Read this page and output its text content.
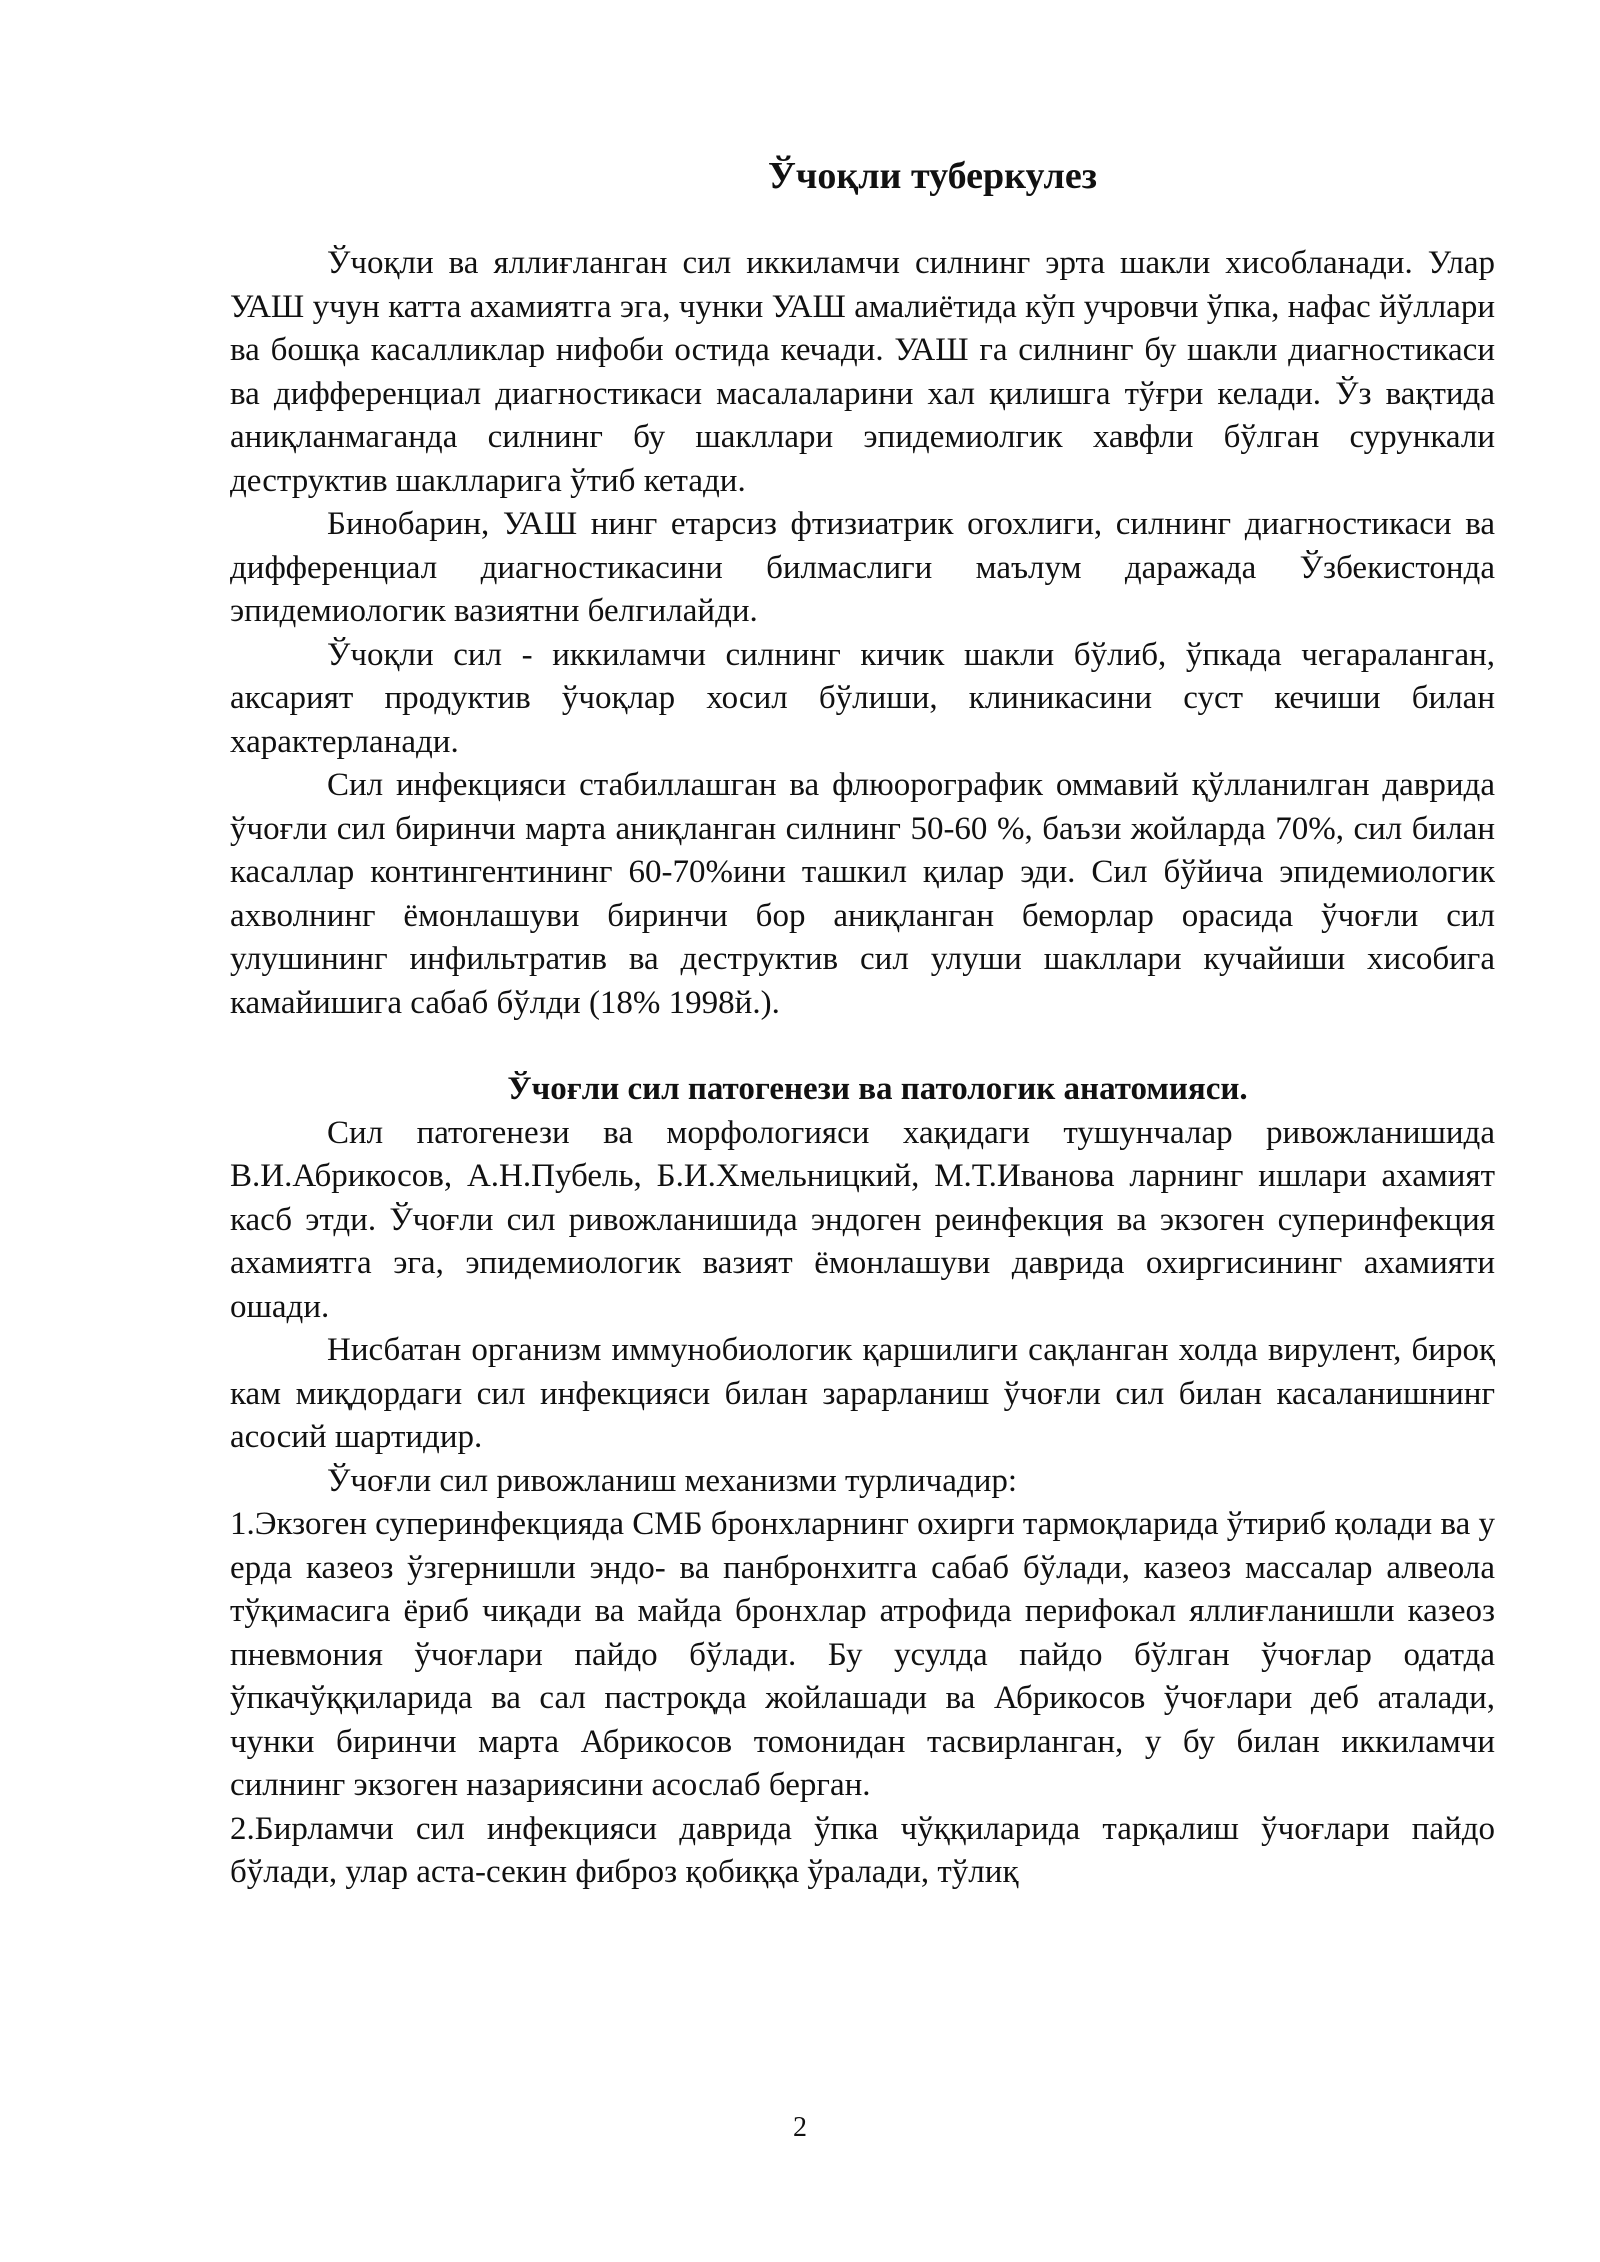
Ўчоқли туберкулез

Ўчоқли ва яллиғланган сил иккиламчи силнинг эрта шакли хисобланади. Улар УАШ учун катта ахамиятга эга, чунки УАШ амалиётида кўп учровчи ўпка, нафас йўллари ва бошқа касалликлар нифоби остида кечади. УАШ га силнинг бу шакли диагностикаси ва дифференциал диагностикаси масалаларини хал қилишга тўғри келади. Ўз вақтида аниқланмаганда силнинг бу шакллари эпидемиолгик хавфли бўлган сурункали деструктив шаклларига ўтиб кетади.

Бинобарин, УАШ нинг етарсиз фтизиатрик огохлиги, силнинг диагностикаси ва дифференциал диагностикасини билмаслиги маълум даражада Ўзбекистонда эпидемиологик вазиятни белгилайди.

Ўчоқли сил - иккиламчи силнинг кичик шакли бўлиб, ўпкада чегараланган, аксарият продуктив ўчоқлар хосил бўлиши, клиникасини суст кечиши билан характерланади.

Сил инфекцияси стабиллашган ва флюорографик оммавий қўлланилган даврида ўчоғли сил биринчи марта аниқланган силнинг 50-60 %, баъзи жойларда 70%, сил билан касаллар контингентининг 60-70%ини ташкил қилар эди. Сил бўйича эпидемиологик ахволнинг ёмонлашуви биринчи бор аниқланган беморлар орасида ўчоғли сил улушининг инфильтратив ва деструктив сил улуши шакллари кучайиши хисобига камайишига сабаб бўлди (18% 1998й.).

Ўчоғли сил патогенези ва патологик анатомияси.

Сил патогенези ва морфологияси хақидаги тушунчалар ривожланишида В.И.Абрикосов, А.Н.Пубель, Б.И.Хмельницкий, М.Т.Иванова ларнинг ишлари ахамият касб этди. Ўчоғли сил ривожланишида эндоген реинфекция ва экзоген суперинфекция ахамиятга эга, эпидемиологик вазият ёмонлашуви даврида охиргисининг ахамияти ошади.

Нисбатан организм иммунобиологик қаршилиги сақланган холда вирулент, бироқ кам миқдордаги сил инфекцияси билан зарарланиш ўчоғли сил билан касаланишнинг асосий шартидир.

Ўчоғли сил ривожланиш механизми турличадир:

1.Экзоген суперинфекцияда СМБ бронхларнинг охирги тармоқларида ўтириб қолади ва у ерда казеоз ўзгернишли эндо- ва панбронхитга сабаб бўлади, казеоз массалар алвеола тўқимасига ёриб чиқади ва майда бронхлар атрофида перифокал яллиғланишли казеоз пневмония ўчоғлари пайдо бўлади. Бу усулда пайдо бўлган ўчоғлар одатда ўпкачўққиларида ва сал пастроқда жойлашади ва Абрикосов ўчоғлари деб аталади, чунки биринчи марта Абрикосов томонидан тасвирланган, у бу билан иккиламчи силнинг экзоген назариясини асослаб берган.

2.Бирламчи сил инфекцияси даврида ўпка чўққиларида тарқалиш ўчоғлари пайдо бўлади, улар аста-секин фиброз қобиққа ўралади, тўлиқ

2
